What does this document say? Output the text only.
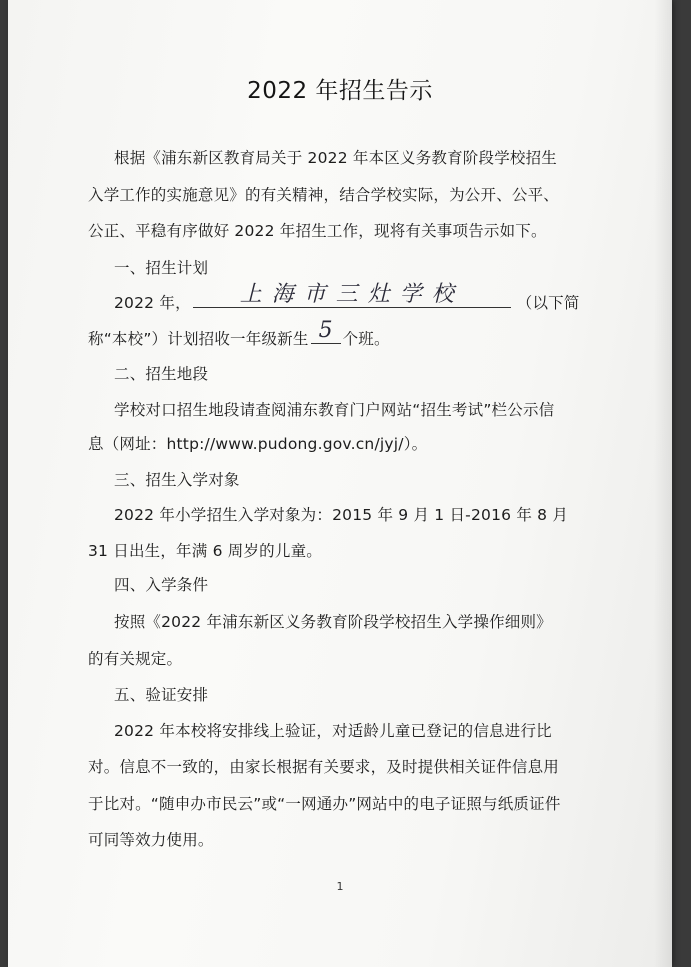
2022 年招生告示
根据《浦东新区教育局关于 2022 年本区义务教育阶段学校招生
入学工作的实施意见》的有关精神，结合学校实际，为公开、公平、
公正、平稳有序做好 2022 年招生工作，现将有关事项告示如下。
一、招生计划
2022 年，	上海市三灶学校	（以下简
称“本校”）计划招收一年级新生 5 个班。
二、招生地段
学校对口招生地段请查阅浦东教育门户网站“招生考试”栏公示信
息（网址：http://www.pudong.gov.cn/jyj/）。
三、招生入学对象
2022 年小学招生入学对象为：2015 年 9 月 1 日-2016 年 8 月
31 日出生，年满 6 周岁的儿童。
四、入学条件
按照《2022 年浦东新区义务教育阶段学校招生入学操作细则》
的有关规定。
五、验证安排
2022 年本校将安排线上验证，对适龄儿童已登记的信息进行比
对。信息不一致的，由家长根据有关要求，及时提供相关证件信息用
于比对。“随申办市民云”或“一网通办”网站中的电子证照与纸质证件
可同等效力使用。
1
